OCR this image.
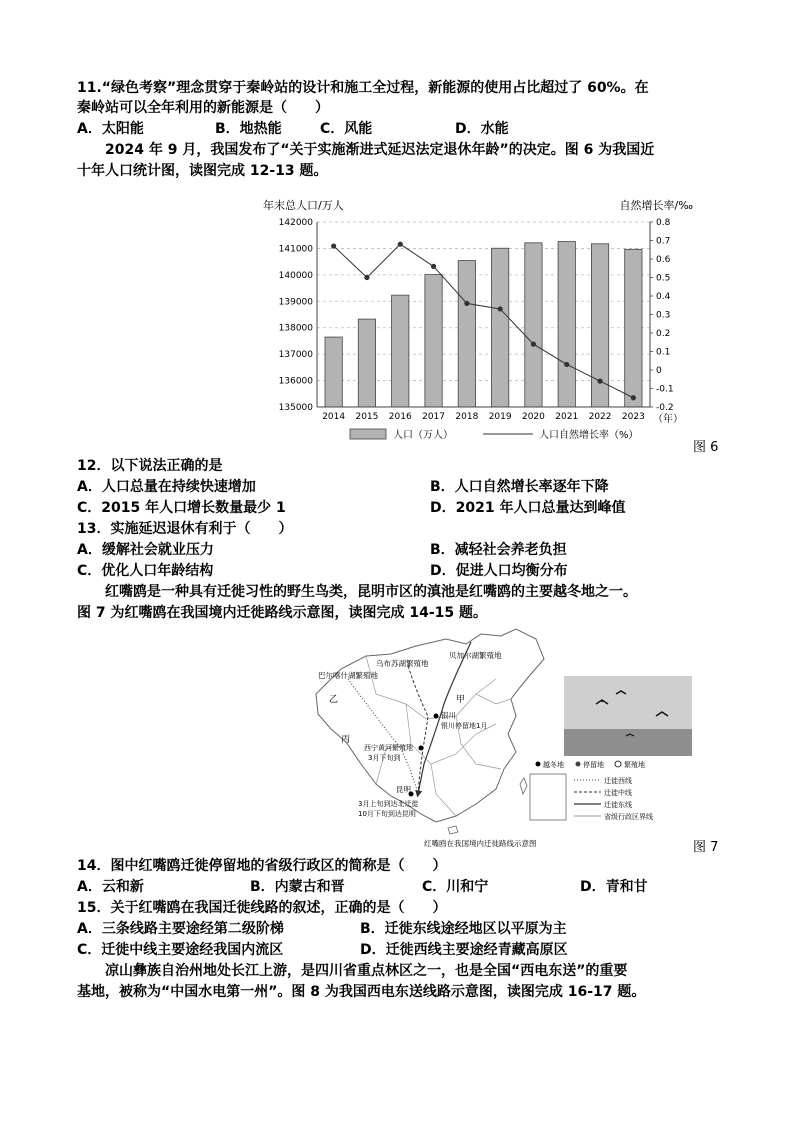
11.“绿色考察”理念贯穿于秦岭站的设计和施工全过程，新能源的使用占比超过了 60%。在
秦岭站可以全年利用的新能源是（　　）
A．太阳能	B．地热能	C．风能	D．水能
2024 年 9 月，我国发布了“关于实施渐进式延迟法定退休年龄”的决定。图 6 为我国近
十年人口统计图，读图完成 12-13 题。
年末总人口/万人	自然增长率/‰
135000
136000
137000
138000
139000
140000
141000
142000
-0.2
-0.1
0
0.1
0.2
0.3
0.4
0.5
0.6
0.7
0.8
2014 2015 2016 2017 2018 2019 2020 2021 2022 2023 （年）
人口（万人）	人口自然增长率（%）
图 6
12．以下说法正确的是
A．人口总量在持续快速增加	B．人口自然增长率逐年下降
C．2015 年人口增长数量最少 1	D．2021 年人口总量达到峰值
13．实施延迟退休有利于（　　）
A．缓解社会就业压力	B．减轻社会养老负担
C．优化人口年龄结构	D．促进人口均衡分布
红嘴鸥是一种具有迁徙习性的野生鸟类，昆明市区的滇池是红嘴鸥的主要越冬地之一。
图 7 为红嘴鸥在我国境内迁徙路线示意图，读图完成 14-15 题。
贝加尔湖繁殖地
乌布苏湖繁殖地
巴尔喀什湖繁殖地
银川
银川停留地1月
甲
乙
丙
西宁黄河繁殖地
3月下旬到
昆明
3月上旬到达北迁徙
10月下旬到达昆明
越冬地	停留地	繁殖地
迁徙西线
迁徙中线
迁徙东线
省级行政区界线
红嘴鸥在我国境内迁徙路线示意图	图 7
14．图中红嘴鸥迁徙停留地的省级行政区的简称是（　　）
A．云和新	B．内蒙古和晋	C．川和宁	D．青和甘
15．关于红嘴鸥在我国迁徙线路的叙述，正确的是（　　）
A．三条线路主要途经第二级阶梯	B．迁徙东线途经地区以平原为主
C．迁徙中线主要途经我国内流区	D．迁徙西线主要途经青藏高原区
凉山彝族自治州地处长江上游，是四川省重点林区之一，也是全国“西电东送”的重要
基地，被称为“中国水电第一州”。图 8 为我国西电东送线路示意图，读图完成 16-17 题。
